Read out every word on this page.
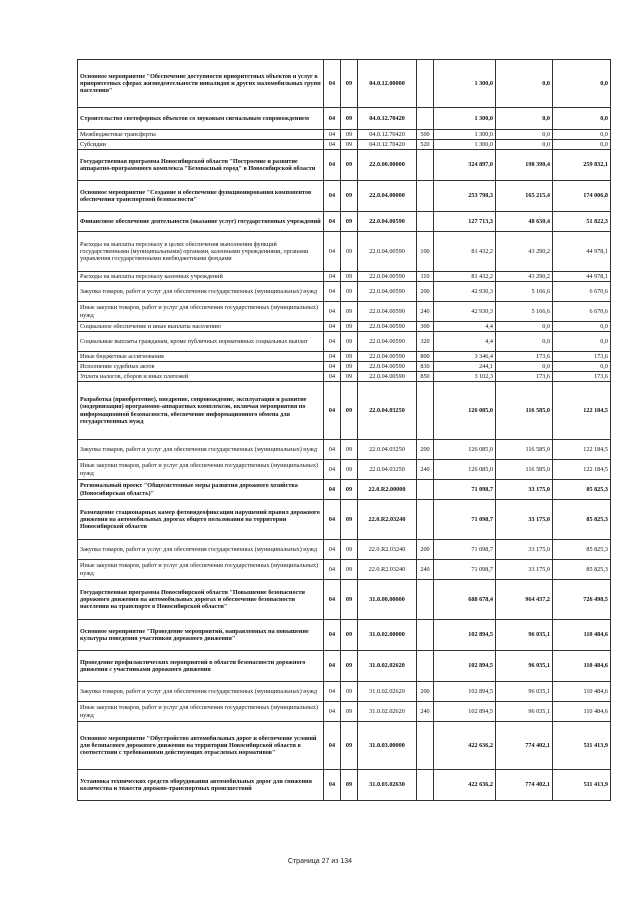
Основное мероприятие "Обеспечение доступности приоритетных объектов и услуг в приоритетных сферах жизнедеятельности инвалидов и других маломобильных групп населения"	04	09	04.0.12.00000		1 300,0	0,0	0,0
Строительство светофорных объектов со звуковым сигнальным сопровождением	04	09	04.0.12.70420		1 300,0	0,0	0,0
Межбюджетные трансферты	04	09	04.0.12.70420	500	1 300,0	0,0	0,0
Субсидии	04	09	04.0.12.70420	520	1 300,0	0,0	0,0
Государственная программа Новосибирской области "Построение и развитие аппаратно-программного комплекса "Безопасный город" в Новосибирской области	04	09	22.0.00.00000		324 897,0	198 390,4	259 832,1
Основное мероприятие "Создание и обеспечение функционирования компонентов обеспечения транспортной безопасности"	04	09	22.0.04.00000		253 798,3	165 215,4	174 006,8
Финансовое обеспечение деятельности (оказание услуг) государственных учреждений	04	09	22.0.04.00590		127 713,3	48 630,4	51 822,3
Расходы на выплаты персоналу в целях обеспечения выполнения функций государственными (муниципальными) органами, казенными учреждениями, органами управления государственными внебюджетными фондами	04	09	22.0.04.00590	100	81 432,2	43 290,2	44 978,1
Расходы на выплаты персоналу казенных учреждений	04	09	22.0.04.00590	110	81 432,2	43 290,2	44 978,1
Закупка товаров, работ и услуг для обеспечения государственных (муниципальных) нужд	04	09	22.0.04.00590	200	42 930,3	5 166,6	6 670,6
Иные закупки товаров, работ и услуг для обеспечения государственных (муниципальных) нужд	04	09	22.0.04.00590	240	42 930,3	5 166,6	6 670,6
Социальное обеспечение и иные выплаты населению	04	09	22.0.04.00590	300	4,4	0,0	0,0
Социальные выплаты гражданам, кроме публичных нормативных социальных выплат	04	09	22.0.04.00590	320	4,4	0,0	0,0
Иные бюджетные ассигнования	04	09	22.0.04.00590	800	3 346,4	173,6	173,6
Исполнение судебных актов	04	09	22.0.04.00590	830	244,1	0,0	0,0
Уплата налогов, сборов и иных платежей	04	09	22.0.04.00590	850	3 102,3	173,6	173,6
Разработка (приобретение), внедрение, сопровождение, эксплуатация и развитие (модернизация) программно-аппаратных комплексов, включая мероприятия по информационной безопасности, обеспечение информационного обмена для государственных нужд	04	09	22.0.04.03250		126 085,0	116 585,0	122 184,5
Закупка товаров, работ и услуг для обеспечения государственных (муниципальных) нужд	04	09	22.0.04.03250	200	126 085,0	116 585,0	122 184,5
Иные закупки товаров, работ и услуг для обеспечения государственных (муниципальных) нужд	04	09	22.0.04.03250	240	126 085,0	116 585,0	122 184,5
Региональный проект "Общесистемные меры развития дорожного хозяйства (Новосибирская область)"	04	09	22.0.R2.00000		71 098,7	33 175,0	85 825,3
Размещение стационарных камер фотовидеофиксации нарушений правил дорожного движения на автомобильных дорогах общего пользования на территории Новосибирской области	04	09	22.0.R2.03240		71 098,7	33 175,0	85 825,3
Закупка товаров, работ и услуг для обеспечения государственных (муниципальных) нужд	04	09	22.0.R2.03240	200	71 098,7	33 175,0	85 825,3
Иные закупки товаров, работ и услуг для обеспечения государственных (муниципальных) нужд	04	09	22.0.R2.03240	240	71 098,7	33 175,0	85 825,3
Государственная программа Новосибирской области "Повышение безопасности дорожного движения на автомобильных дорогах и обеспечение безопасности населения на транспорте в Новосибирской области"	04	09	31.0.00.00000		688 678,4	964 437,2	726 498,5
Основное мероприятие "Проведение мероприятий, направленных на повышение культуры поведения участников дорожного движения"	04	09	31.0.02.00000		102 894,5	96 035,1	110 484,6
Проведение профилактических мероприятий в области безопасности дорожного движения с участниками дорожного движения	04	09	31.0.02.02620		102 894,5	96 035,1	110 484,6
Закупка товаров, работ и услуг для обеспечения государственных (муниципальных) нужд	04	09	31.0.02.02620	200	102 894,5	96 035,1	110 484,6
Иные закупки товаров, работ и услуг для обеспечения государственных (муниципальных) нужд	04	09	31.0.02.02620	240	102 894,5	96 035,1	110 484,6
Основное мероприятие "Обустройство автомобильных дорог и обеспечение условий для безопасного дорожного движения на территории Новосибирской области в соответствии с требованиями действующих отраслевых нормативов"	04	09	31.0.03.00000		422 636,2	774 402,1	511 413,9
Установка технических средств оборудования автомобильных дорог для снижения количества и тяжести дорожно-транспортных происшествий	04	09	31.0.03.02630		422 636,2	774 402,1	511 413,9
Страница 27 из 134
